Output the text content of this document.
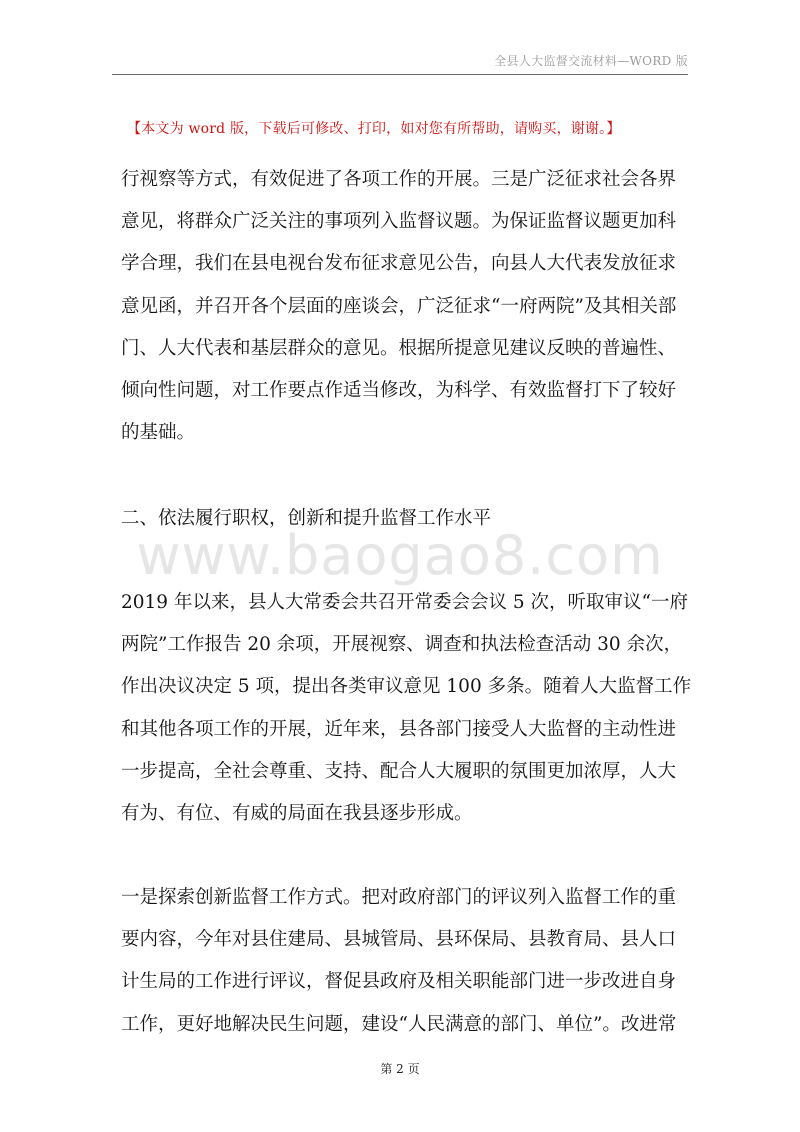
全县人大监督交流材料—WORD 版
【本文为 word 版，下载后可修改、打印，如对您有所帮助，请购买，谢谢。】
www.baogao8.com

行视察等方式，有效促进了各项工作的开展。三是广泛征求社会各界
意见，将群众广泛关注的事项列入监督议题。为保证监督议题更加科
学合理，我们在县电视台发布征求意见公告，向县人大代表发放征求
意见函，并召开各个层面的座谈会，广泛征求“一府两院”及其相关部
门、人大代表和基层群众的意见。根据所提意见建议反映的普遍性、
倾向性问题，对工作要点作适当修改，为科学、有效监督打下了较好
的基础。

二、依法履行职权，创新和提升监督工作水平

2019 年以来，县人大常委会共召开常委会会议 5 次，听取审议“一府
两院”工作报告 20 余项，开展视察、调查和执法检查活动 30 余次，
作出决议决定 5 项，提出各类审议意见 100 多条。随着人大监督工作
和其他各项工作的开展，近年来，县各部门接受人大监督的主动性进
一步提高，全社会尊重、支持、配合人大履职的氛围更加浓厚，人大
有为、有位、有威的局面在我县逐步形成。

一是探索创新监督工作方式。把对政府部门的评议列入监督工作的重
要内容，今年对县住建局、县城管局、县环保局、县教育局、县人口
计生局的工作进行评议，督促县政府及相关职能部门进一步改进自身
工作，更好地解决民生问题，建设“人民满意的部门、单位”。改进常

第 2 页
